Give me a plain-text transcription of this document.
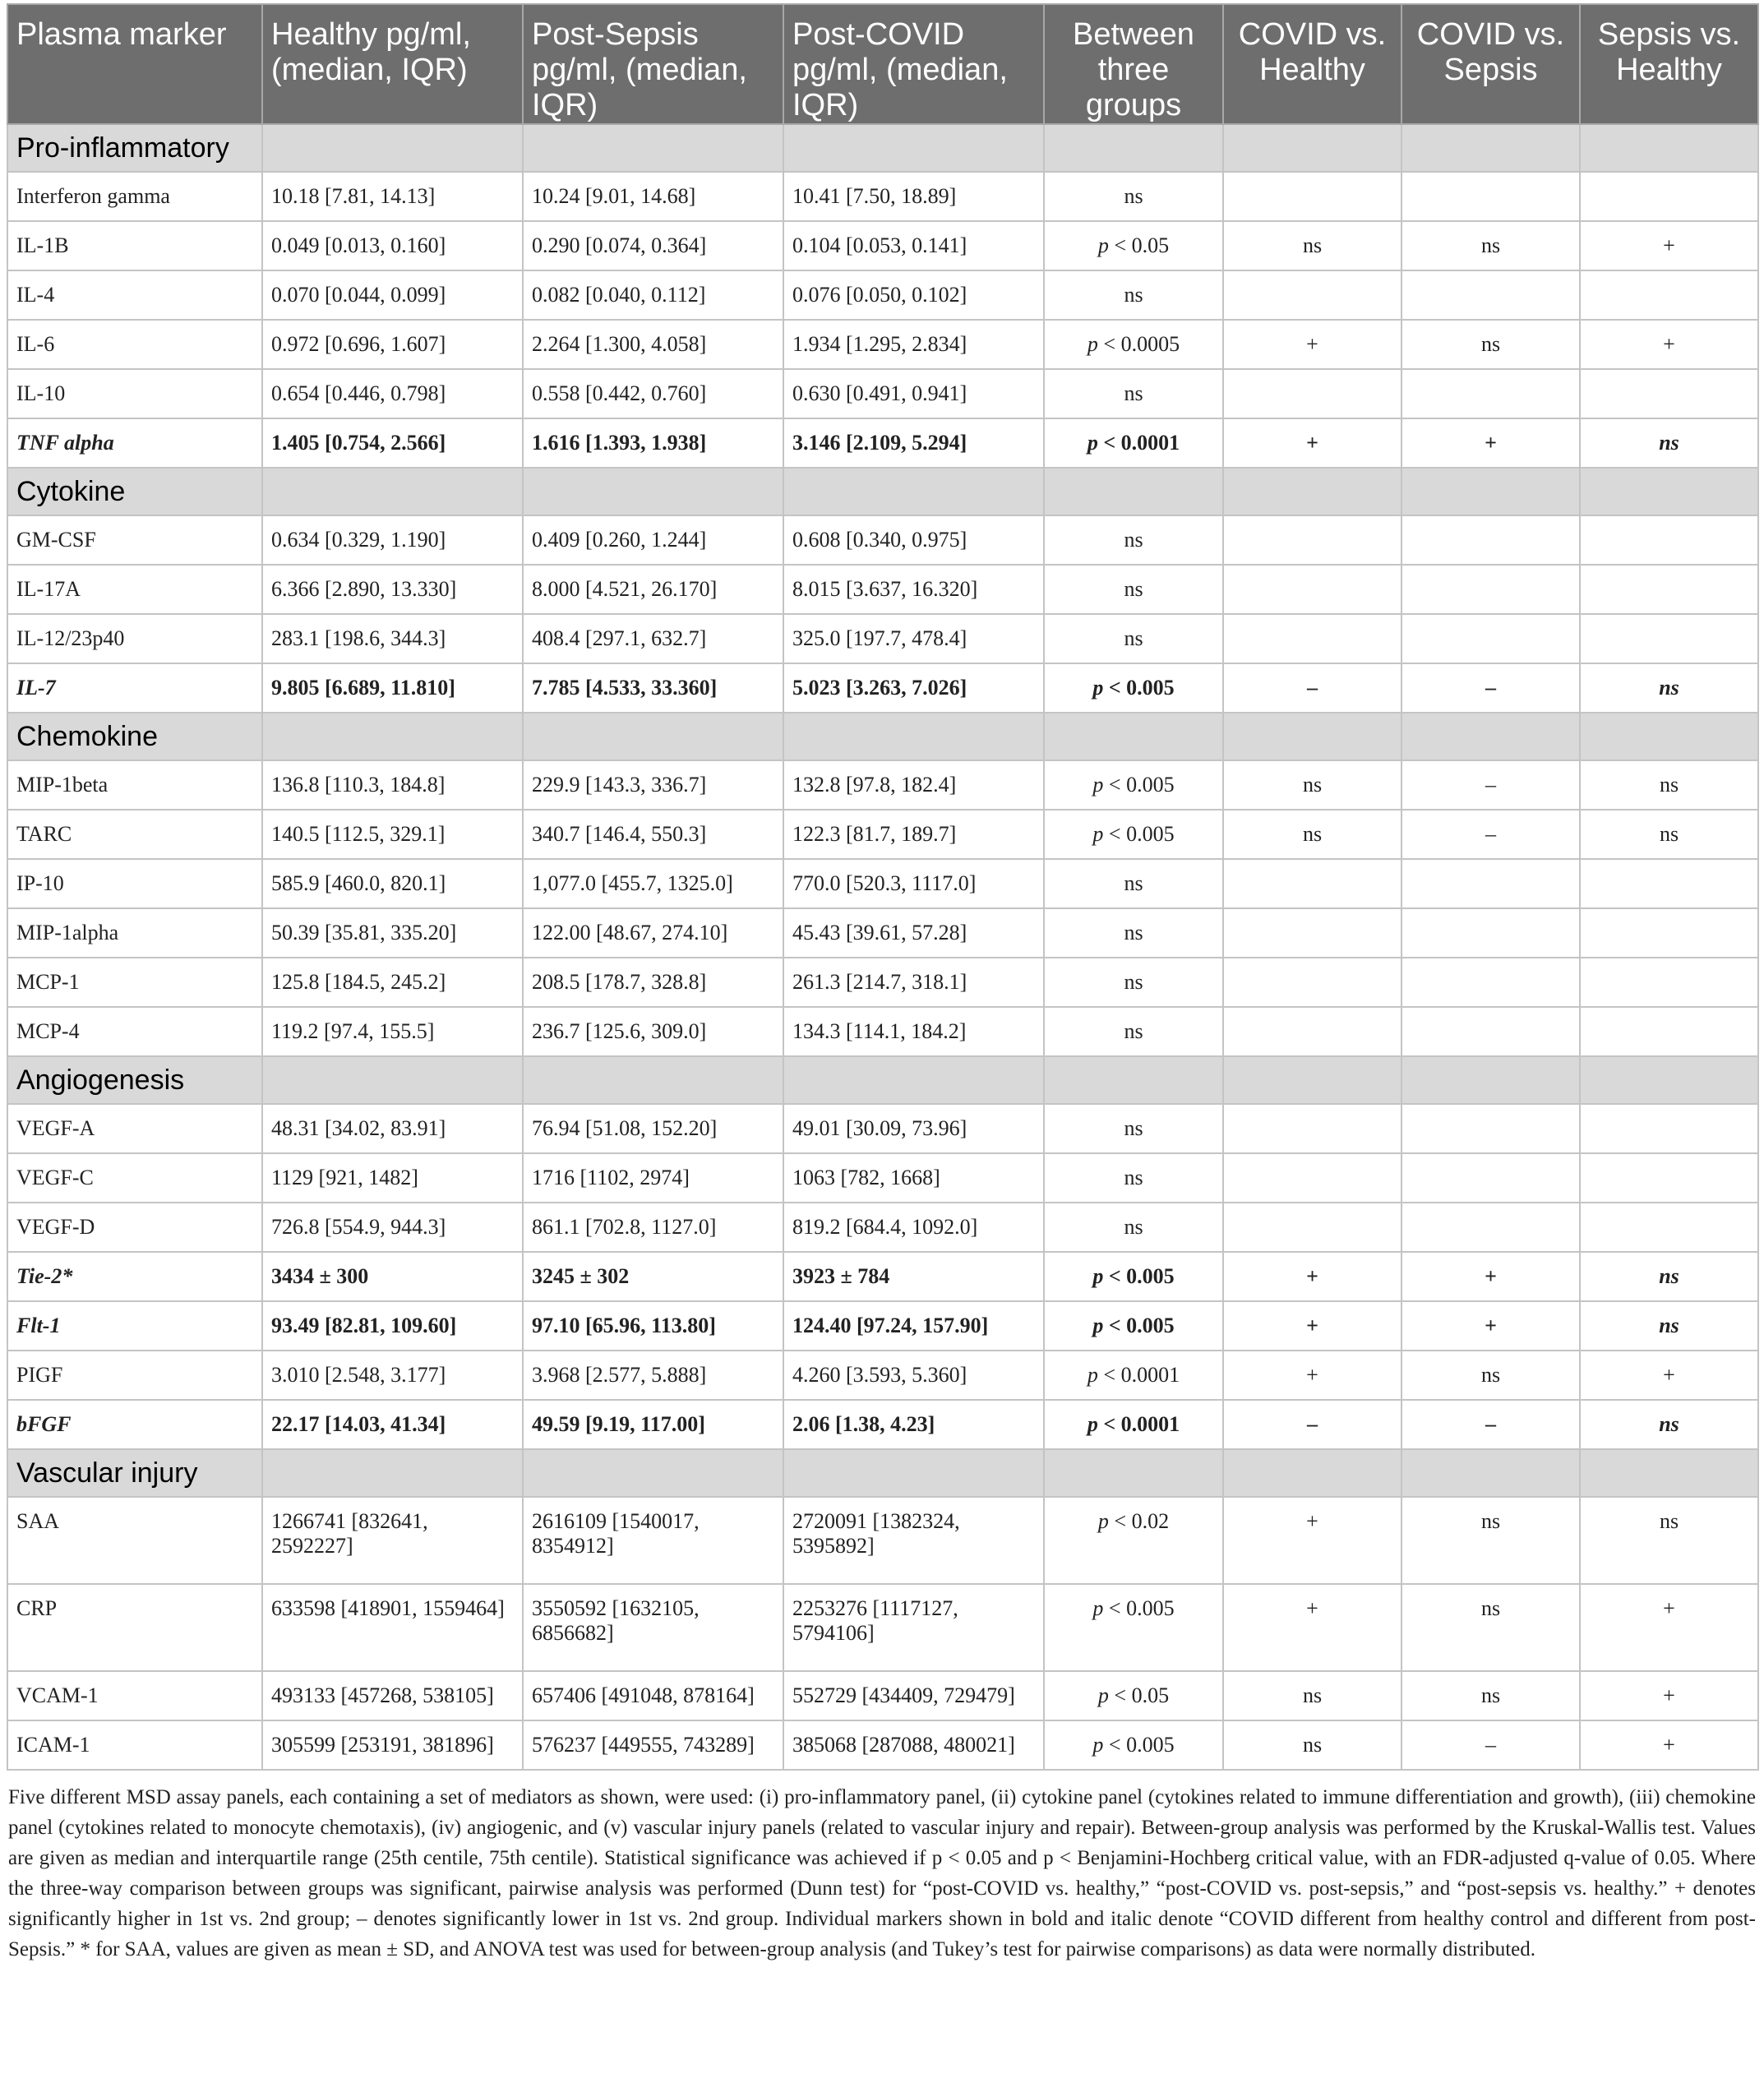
Plasma marker	Healthy pg/ml, (median, IQR)	Post-Sepsis pg/ml, (median, IQR)	Post-COVID pg/ml, (median, IQR)	Between three groups	COVID vs. Healthy	COVID vs. Sepsis	Sepsis vs. Healthy
Pro-inflammatory							
Interferon gamma	10.18 [7.81, 14.13]	10.24 [9.01, 14.68]	10.41 [7.50, 18.89]	ns			
IL-1B	0.049 [0.013, 0.160]	0.290 [0.074, 0.364]	0.104 [0.053, 0.141]	p < 0.05	ns	ns	+
IL-4	0.070 [0.044, 0.099]	0.082 [0.040, 0.112]	0.076 [0.050, 0.102]	ns			
IL-6	0.972 [0.696, 1.607]	2.264 [1.300, 4.058]	1.934 [1.295, 2.834]	p < 0.0005	+	ns	+
IL-10	0.654 [0.446, 0.798]	0.558 [0.442, 0.760]	0.630 [0.491, 0.941]	ns			
TNF alpha	1.405 [0.754, 2.566]	1.616 [1.393, 1.938]	3.146 [2.109, 5.294]	p < 0.0001	+	+	ns
Cytokine							
GM-CSF	0.634 [0.329, 1.190]	0.409 [0.260, 1.244]	0.608 [0.340, 0.975]	ns			
IL-17A	6.366 [2.890, 13.330]	8.000 [4.521, 26.170]	8.015 [3.637, 16.320]	ns			
IL-12/23p40	283.1 [198.6, 344.3]	408.4 [297.1, 632.7]	325.0 [197.7, 478.4]	ns			
IL-7	9.805 [6.689, 11.810]	7.785 [4.533, 33.360]	5.023 [3.263, 7.026]	p < 0.005	–	–	ns
Chemokine							
MIP-1beta	136.8 [110.3, 184.8]	229.9 [143.3, 336.7]	132.8 [97.8, 182.4]	p < 0.005	ns	–	ns
TARC	140.5 [112.5, 329.1]	340.7 [146.4, 550.3]	122.3 [81.7, 189.7]	p < 0.005	ns	–	ns
IP-10	585.9 [460.0, 820.1]	1,077.0 [455.7, 1325.0]	770.0 [520.3, 1117.0]	ns			
MIP-1alpha	50.39 [35.81, 335.20]	122.00 [48.67, 274.10]	45.43 [39.61, 57.28]	ns			
MCP-1	125.8 [184.5, 245.2]	208.5 [178.7, 328.8]	261.3 [214.7, 318.1]	ns			
MCP-4	119.2 [97.4, 155.5]	236.7 [125.6, 309.0]	134.3 [114.1, 184.2]	ns			
Angiogenesis							
VEGF-A	48.31 [34.02, 83.91]	76.94 [51.08, 152.20]	49.01 [30.09, 73.96]	ns			
VEGF-C	1129 [921, 1482]	1716 [1102, 2974]	1063 [782, 1668]	ns			
VEGF-D	726.8 [554.9, 944.3]	861.1 [702.8, 1127.0]	819.2 [684.4, 1092.0]	ns			
Tie-2*	3434 ± 300	3245 ± 302	3923 ± 784	p < 0.005	+	+	ns
Flt-1	93.49 [82.81, 109.60]	97.10 [65.96, 113.80]	124.40 [97.24, 157.90]	p < 0.005	+	+	ns
PIGF	3.010 [2.548, 3.177]	3.968 [2.577, 5.888]	4.260 [3.593, 5.360]	p < 0.0001	+	ns	+
bFGF	22.17 [14.03, 41.34]	49.59 [9.19, 117.00]	2.06 [1.38, 4.23]	p < 0.0001	–	–	ns
Vascular injury							
SAA	1266741 [832641, 2592227]	2616109 [1540017, 8354912]	2720091 [1382324, 5395892]	p < 0.02	+	ns	ns
CRP	633598 [418901, 1559464]	3550592 [1632105, 6856682]	2253276 [1117127, 5794106]	p < 0.005	+	ns	+
VCAM-1	493133 [457268, 538105]	657406 [491048, 878164]	552729 [434409, 729479]	p < 0.05	ns	ns	+
ICAM-1	305599 [253191, 381896]	576237 [449555, 743289]	385068 [287088, 480021]	p < 0.005	ns	–	+

Five different MSD assay panels, each containing a set of mediators as shown, were used: (i) pro-inflammatory panel, (ii) cytokine panel (cytokines related to immune differentiation and growth), (iii) chemokine panel (cytokines related to monocyte chemotaxis), (iv) angiogenic, and (v) vascular injury panels (related to vascular injury and repair). Between-group analysis was performed by the Kruskal-Wallis test. Values are given as median and interquartile range (25th centile, 75th centile). Statistical significance was achieved if p < 0.05 and p < Benjamini-Hochberg critical value, with an FDR-adjusted q-value of 0.05. Where the three-way comparison between groups was significant, pairwise analysis was performed (Dunn test) for “post-COVID vs. healthy,” “post-COVID vs. post-sepsis,” and “post-sepsis vs. healthy.” + denotes significantly higher in 1st vs. 2nd group; – denotes significantly lower in 1st vs. 2nd group. Individual markers shown in bold and italic denote “COVID different from healthy control and different from post-Sepsis.” * for SAA, values are given as mean ± SD, and ANOVA test was used for between-group analysis (and Tukey’s test for pairwise comparisons) as data were normally distributed.
